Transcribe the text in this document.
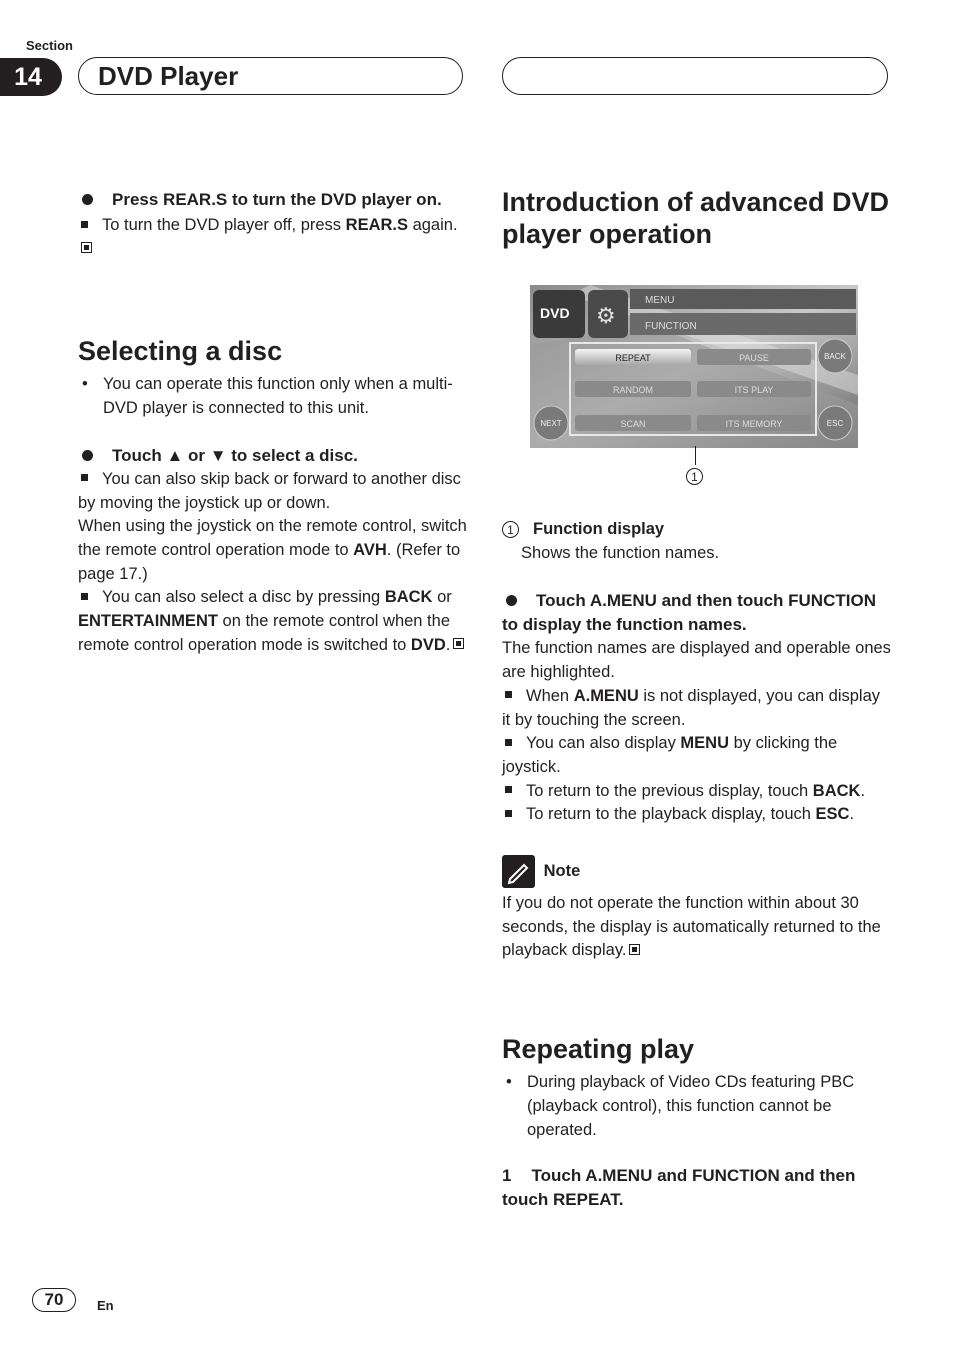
Section
14	DVD Player

Press REAR.S to turn the DVD player on.

To turn the DVD player off, press REAR.S again.

Selecting a disc
• You can operate this function only when a multi-DVD player is connected to this unit.

Touch ▲ or ▼ to select a disc.

You can also skip back or forward to another disc by moving the joystick up or down.

When using the joystick on the remote control, switch the remote control operation mode to AVH. (Refer to page 17.)

You can also select a disc by pressing BACK or ENTERTAINMENT on the remote control when the remote control operation mode is switched to DVD.

Introduction of advanced DVD player operation
MENU
FUNCTION
DVD ⚙
REPEAT	PAUSE
RANDOM	ITS PLAY
SCAN	ITS MEMORY
BACK
NEXT	ESC
1

1 Function display

Shows the function names.

Touch A.MENU and then touch FUNCTION to display the function names.

The function names are displayed and operable ones are highlighted.

When A.MENU is not displayed, you can display it by touching the screen.

You can also display MENU by clicking the joystick.

To return to the previous display, touch BACK.

To return to the playback display, touch ESC.

Note

If you do not operate the function within about 30 seconds, the display is automatically returned to the playback display.

Repeating play
• During playback of Video CDs featuring PBC (playback control), this function cannot be operated.

1 Touch A.MENU and FUNCTION and then touch REPEAT.

70	En
